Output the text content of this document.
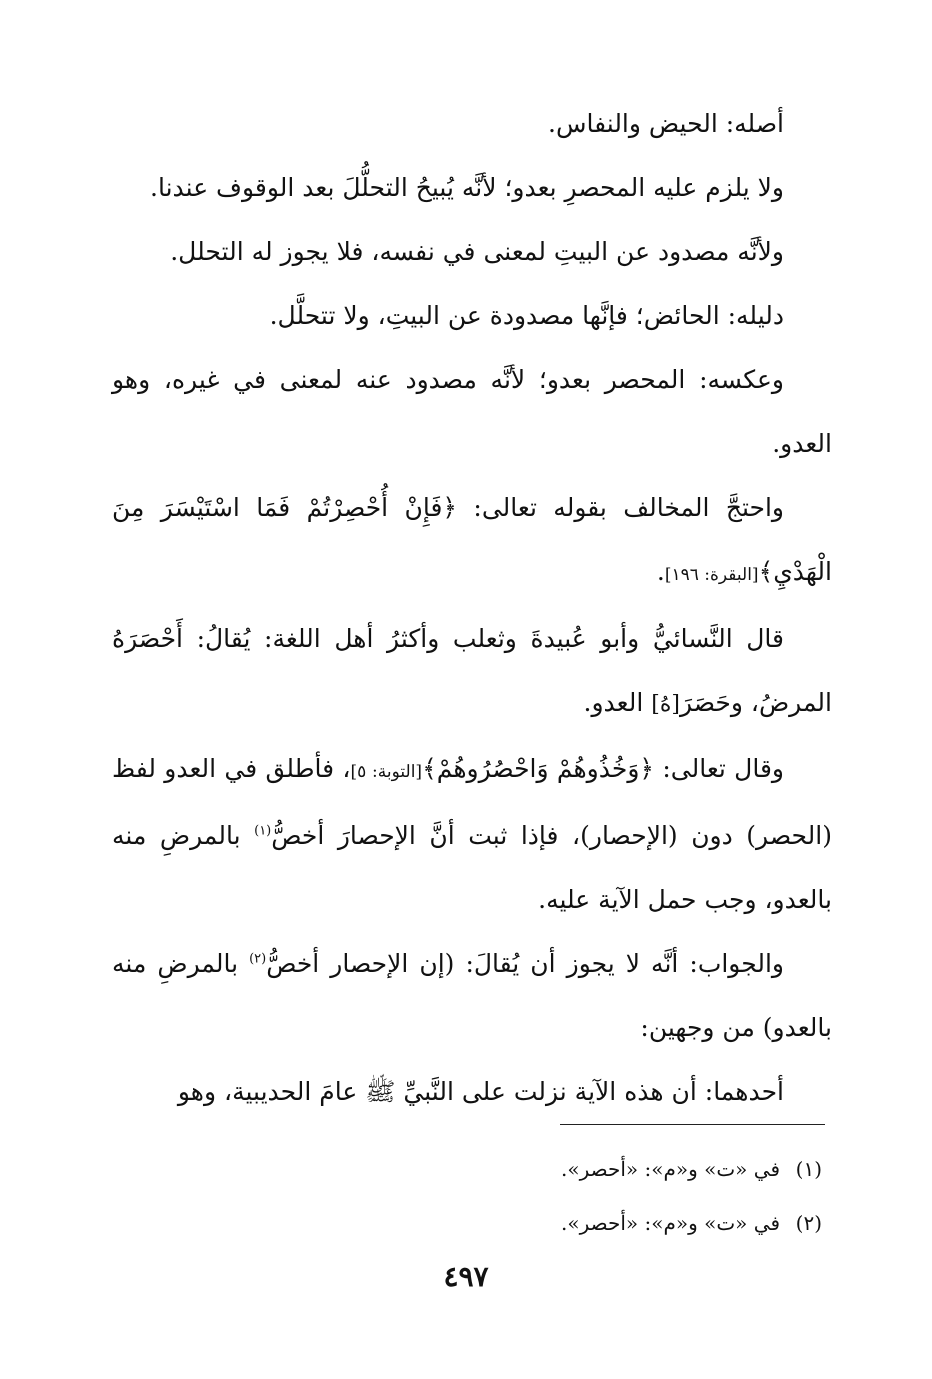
أصله: الحيض والنفاس.

ولا يلزم عليه المحصرِ بعدو؛ لأنَّه يُبيحُ التحلُّلَ بعد الوقوف عندنا.

ولأنَّه مصدود عن البيتِ لمعنى في نفسه، فلا يجوز له التحلل.

دليله: الحائض؛ فإنَّها مصدودة عن البيتِ، ولا تتحلَّل.

وعكسه: المحصر بعدو؛ لأنَّه مصدود عنه لمعنى في غيره، وهو العدو.

واحتجَّ المخالف بقوله تعالى: ﴿فَإِنْ أُحْصِرْتُمْ فَمَا اسْتَيْسَرَ مِنَ الْهَدْيِ﴾[البقرة: ١٩٦].

قال النَّسائيُّ وأبو عُبيدةَ وثعلب وأكثرُ أهل اللغة: يُقالُ: أَحْصَرَهُ المرضُ، وحَصَرَ[هُ] العدو.

وقال تعالى: ﴿وَخُذُوهُمْ وَاحْصُرُوهُمْ﴾[التوبة: ٥]، فأطلق في العدو لفظ (الحصر) دون (الإحصار)، فإذا ثبت أنَّ الإحصارَ أخصُّ$^{(١)}$ بالمرضِ منه بالعدو، وجب حمل الآية عليه.

والجواب: أنَّه لا يجوز أن يُقالَ: (إن الإحصار أخصُّ$^{(٢)}$ بالمرضِ منه بالعدو) من وجهين:

أحدهما: أن هذه الآية نزلت على النَّبيِّ ﷺ عامَ الحديبية، وهو

(١)في «ت» و«م»: «أحصر».

(٢)في «ت» و«م»: «أحصر».

٤٩٧
